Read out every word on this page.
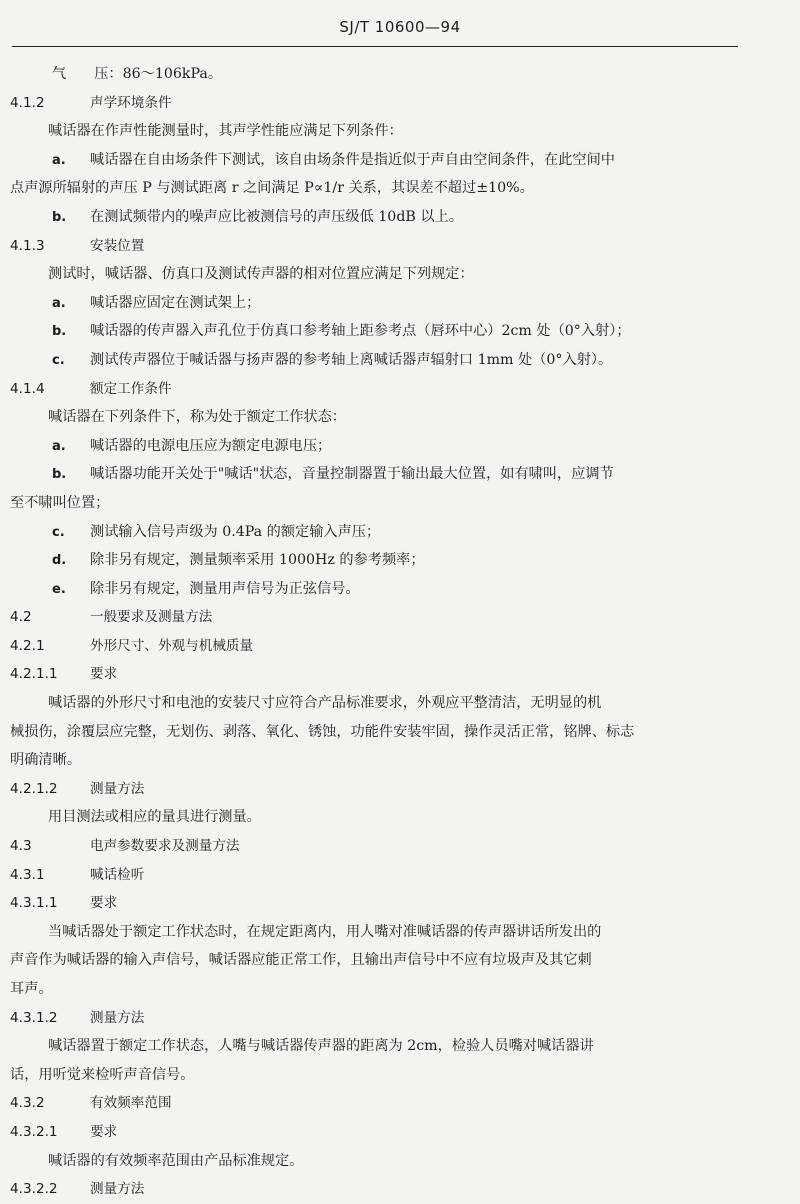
SJ/T 10600—94
气 压：86～106kPa。
4.1.2	声学环境条件
喊话器在作声性能测量时，其声学性能应满足下列条件：
a. 喊话器在自由场条件下测试，该自由场条件是指近似于声自由空间条件，在此空间中
点声源所辐射的声压 P 与测试距离 r 之间满足 P∝1/r 关系，其误差不超过±10%。
b. 在测试频带内的噪声应比被测信号的声压级低 10dB 以上。
4.1.3	安装位置
测试时，喊话器、仿真口及测试传声器的相对位置应满足下列规定：
a. 喊话器应固定在测试架上；
b. 喊话器的传声器入声孔位于仿真口参考轴上距参考点（唇环中心）2cm 处（0°入射）；
c. 测试传声器位于喊话器与扬声器的参考轴上离喊话器声辐射口 1mm 处（0°入射）。
4.1.4	额定工作条件
喊话器在下列条件下，称为处于额定工作状态：
a. 喊话器的电源电压应为额定电源电压；
b. 喊话器功能开关处于"喊话"状态，音量控制器置于输出最大位置，如有啸叫，应调节
至不啸叫位置；
c. 测试输入信号声级为 0.4Pa 的额定输入声压；
d. 除非另有规定，测量频率采用 1000Hz 的参考频率；
e. 除非另有规定，测量用声信号为正弦信号。
4.2	一般要求及测量方法
4.2.1	外形尺寸、外观与机械质量
4.2.1.1 要求
喊话器的外形尺寸和电池的安装尺寸应符合产品标准要求，外观应平整清洁，无明显的机
械损伤，涂覆层应完整，无划伤、剥落、氧化、锈蚀，功能件安装牢固，操作灵活正常，铭牌、标志
明确清晰。
4.2.1.2 测量方法
用目测法或相应的量具进行测量。
4.3	电声参数要求及测量方法
4.3.1	喊话检听
4.3.1.1 要求
当喊话器处于额定工作状态时，在规定距离内，用人嘴对准喊话器的传声器讲话所发出的
声音作为喊话器的输入声信号，喊话器应能正常工作，且输出声信号中不应有垃圾声及其它刺
耳声。
4.3.1.2 测量方法
喊话器置于额定工作状态，人嘴与喊话器传声器的距离为 2cm，检验人员嘴对喊话器讲
话，用听觉来检听声音信号。
4.3.2	有效频率范围
4.3.2.1 要求
喊话器的有效频率范围由产品标准规定。
4.3.2.2 测量方法
